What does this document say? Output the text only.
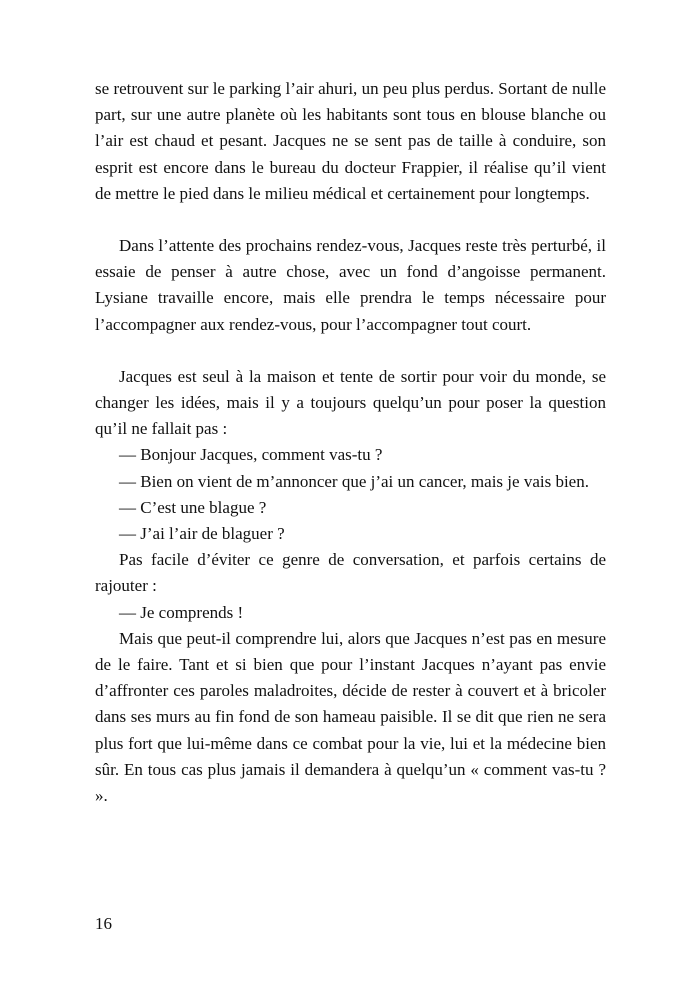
se retrouvent sur le parking l’air ahuri, un peu plus perdus. Sortant de nulle part, sur une autre planète où les habitants sont tous en blouse blanche ou l’air est chaud et pesant. Jacques ne se sent pas de taille à conduire, son esprit est encore dans le bureau du docteur Frappier, il réalise qu’il vient de mettre le pied dans le milieu médical et certainement pour longtemps.

Dans l’attente des prochains rendez-vous, Jacques reste très perturbé, il essaie de penser à autre chose, avec un fond d’angoisse permanent. Lysiane travaille encore, mais elle prendra le temps nécessaire pour l’accompagner aux rendez-vous, pour l’accompagner tout court.

Jacques est seul à la maison et tente de sortir pour voir du monde, se changer les idées, mais il y a toujours quelqu’un pour poser la question qu’il ne fallait pas :

— Bonjour Jacques, comment vas-tu ?

— Bien on vient de m’annoncer que j’ai un cancer, mais je vais bien.

— C’est une blague ?

— J’ai l’air de blaguer ?

Pas facile d’éviter ce genre de conversation, et parfois certains de rajouter :

— Je comprends !

Mais que peut-il comprendre lui, alors que Jacques n’est pas en mesure de le faire. Tant et si bien que pour l’instant Jacques n’ayant pas envie d’affronter ces paroles maladroites, décide de rester à couvert et à bricoler dans ses murs au fin fond de son hameau paisible. Il se dit que rien ne sera plus fort que lui-même dans ce combat pour la vie, lui et la médecine bien sûr. En tous cas plus jamais il demandera à quelqu’un « comment vas-tu ? ».

16
